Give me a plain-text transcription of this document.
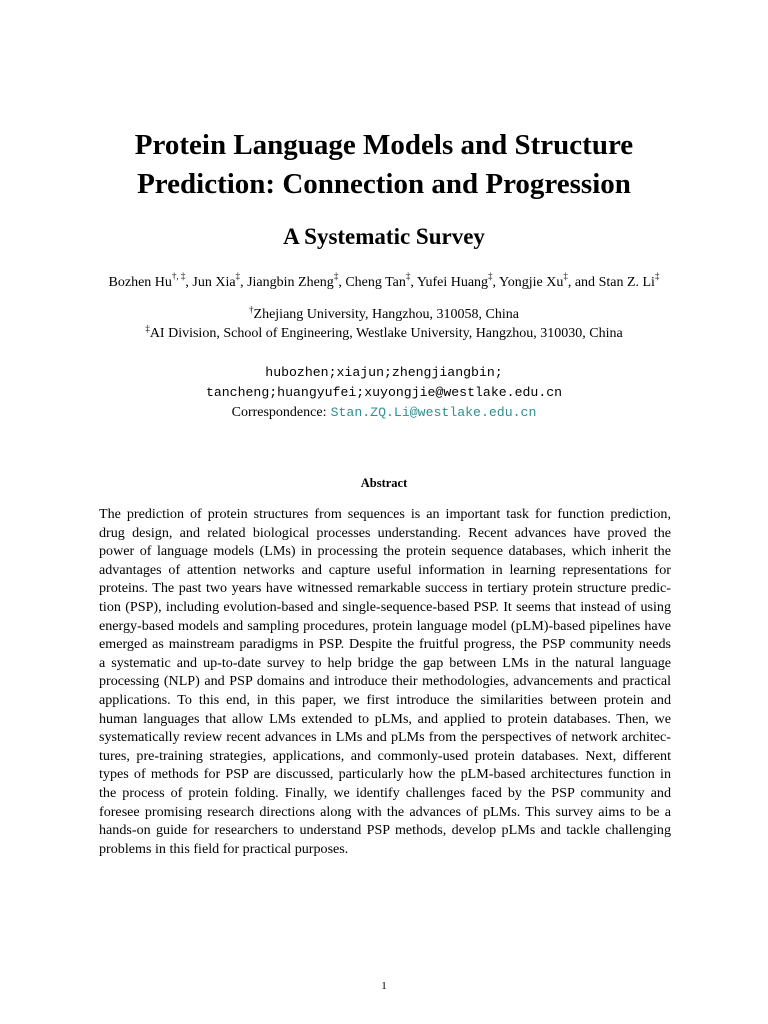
Protein Language Models and Structure
Prediction: Connection and Progression
A Systematic Survey
Bozhen Hu†, ‡, Jun Xia‡, Jiangbin Zheng‡, Cheng Tan‡, Yufei Huang‡, Yongjie Xu‡, and Stan Z. Li‡
†Zhejiang University, Hangzhou, 310058, China
‡AI Division, School of Engineering, Westlake University, Hangzhou, 310030, China
hubozhen;xiajun;zhengjiangbin;
tancheng;huangyufei;xuyongjie@westlake.edu.cn
Correspondence: Stan.ZQ.Li@westlake.edu.cn
Abstract
The prediction of protein structures from sequences is an important task for function prediction,
drug design, and related biological processes understanding. Recent advances have proved the
power of language models (LMs) in processing the protein sequence databases, which inherit the
advantages of attention networks and capture useful information in learning representations for
proteins. The past two years have witnessed remarkable success in tertiary protein structure predic-
tion (PSP), including evolution-based and single-sequence-based PSP. It seems that instead of using
energy-based models and sampling procedures, protein language model (pLM)-based pipelines have
emerged as mainstream paradigms in PSP. Despite the fruitful progress, the PSP community needs
a systematic and up-to-date survey to help bridge the gap between LMs in the natural language
processing (NLP) and PSP domains and introduce their methodologies, advancements and practical
applications. To this end, in this paper, we first introduce the similarities between protein and
human languages that allow LMs extended to pLMs, and applied to protein databases. Then, we
systematically review recent advances in LMs and pLMs from the perspectives of network architec-
tures, pre-training strategies, applications, and commonly-used protein databases. Next, different
types of methods for PSP are discussed, particularly how the pLM-based architectures function in
the process of protein folding. Finally, we identify challenges faced by the PSP community and
foresee promising research directions along with the advances of pLMs. This survey aims to be a
hands-on guide for researchers to understand PSP methods, develop pLMs and tackle challenging
problems in this field for practical purposes.
1
